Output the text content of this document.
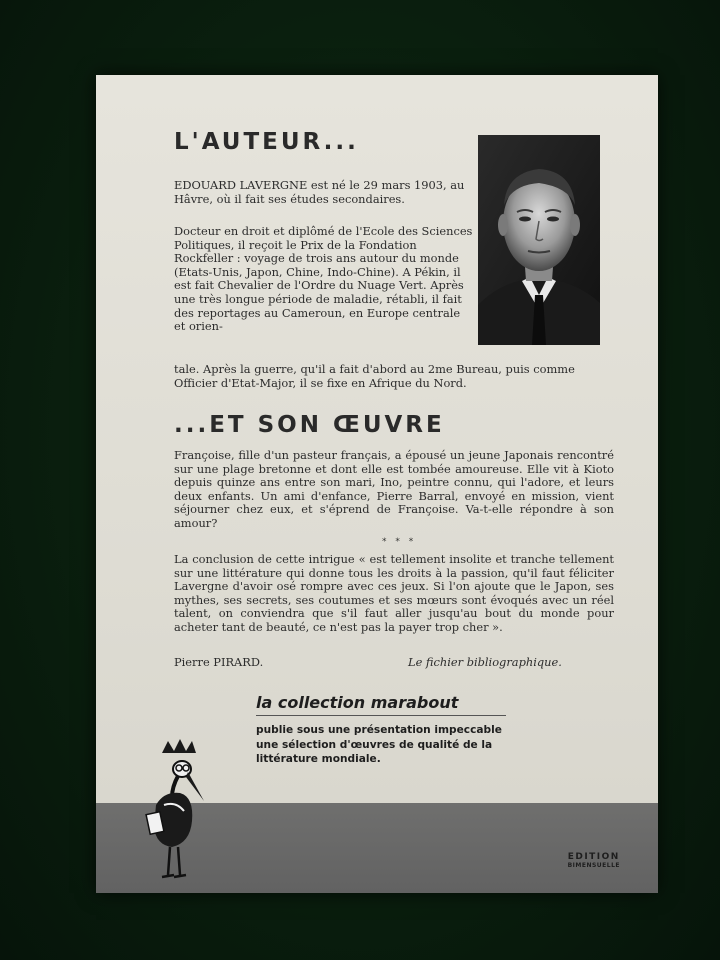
L'AUTEUR...
EDOUARD LAVERGNE est né le 29 mars 1903, au Hâvre, où il fait ses études secondaires.
Docteur en droit et diplômé de l'Ecole des Sciences Politiques, il reçoit le Prix de la Fondation Rockfeller : voyage de trois ans autour du monde (Etats-Unis, Japon, Chine, Indo-Chine). A Pékin, il est fait Chevalier de l'Ordre du Nuage Vert. Après une très longue période de maladie, rétabli, il fait des reportages au Cameroun, en Europe centrale et orien-
tale. Après la guerre, qu'il a fait d'abord au 2me Bureau, puis comme Officier d'Etat-Major, il se fixe en Afrique du Nord.
...ET SON ŒUVRE
Françoise, fille d'un pasteur français, a épousé un jeune Japonais rencontré sur une plage bretonne et dont elle est tombée amoureuse. Elle vit à Kioto depuis quinze ans entre son mari, Ino, peintre connu, qui l'adore, et leurs deux enfants. Un ami d'enfance, Pierre Barral, envoyé en mission, vient séjourner chez eux, et s'éprend de Françoise. Va-t-elle répondre à son amour?
* * *
La conclusion de cette intrigue « est tellement insolite et tranche tellement sur une littérature qui donne tous les droits à la passion, qu'il faut féliciter Lavergne d'avoir osé rompre avec ces jeux. Si l'on ajoute que le Japon, ses mythes, ses secrets, ses coutumes et ses mœurs sont évoqués avec un réel talent, on conviendra que s'il faut aller jusqu'au bout du monde pour acheter tant de beauté, ce n'est pas la payer trop cher ».
Pierre PIRARD.	Le fichier bibliographique.
la collection marabout
publie sous une présentation impeccable une sélection d'œuvres de qualité de la littérature mondiale.
EDITION
BIMENSUELLE
